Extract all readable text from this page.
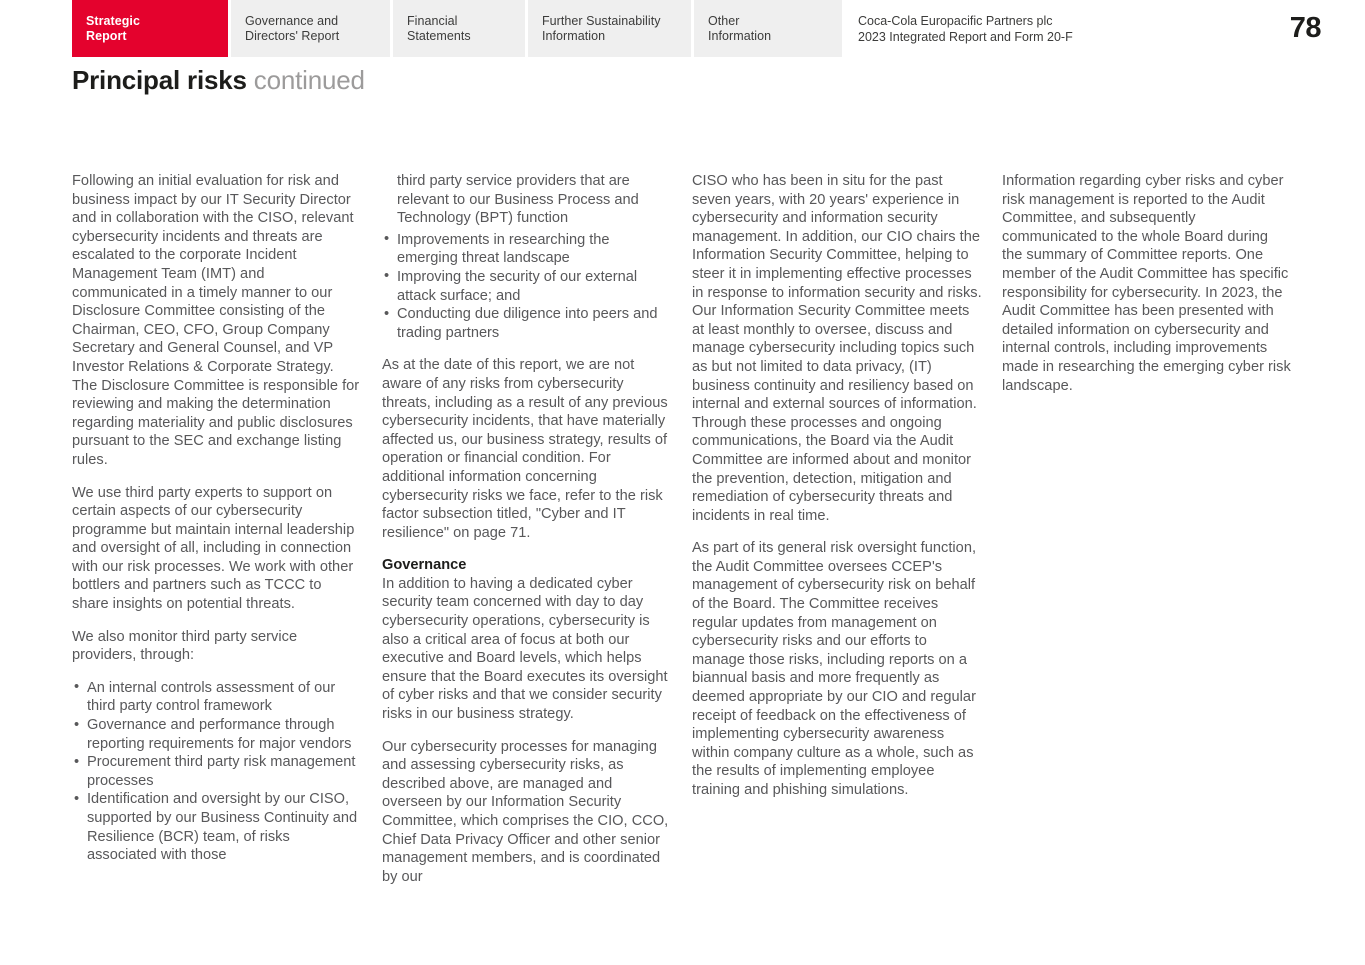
Strategic
Report
Governance and
Directors' Report
Financial
Statements
Further Sustainability
Information
Other
Information
Coca-Cola Europacific Partners plc
2023 Integrated Report and Form 20-F	78
Principal risks continued

Following an initial evaluation for risk and business impact by our IT Security Director and in collaboration with the CISO, relevant cybersecurity incidents and threats are escalated to the corporate Incident Management Team (IMT) and communicated in a timely manner to our Disclosure Committee consisting of the Chairman, CEO, CFO, Group Company Secretary and General Counsel, and VP Investor Relations & Corporate Strategy. The Disclosure Committee is responsible for reviewing and making the determination regarding materiality and public disclosures pursuant to the SEC and exchange listing rules.

We use third party experts to support on certain aspects of our cybersecurity programme but maintain internal leadership and oversight of all, including in connection with our risk processes. We work with other bottlers and partners such as TCCC to share insights on potential threats.

We also monitor third party service providers, through:

• An internal controls assessment of our third party control framework
• Governance and performance through reporting requirements for major vendors
• Procurement third party risk management processes
• Identification and oversight by our CISO, supported by our Business Continuity and Resilience (BCR) team, of risks associated with those
third party service providers that are relevant to our Business Process and Technology (BPT) function
• Improvements in researching the emerging threat landscape
• Improving the security of our external attack surface; and
• Conducting due diligence into peers and trading partners

As at the date of this report, we are not aware of any risks from cybersecurity threats, including as a result of any previous cybersecurity incidents, that have materially affected us, our business strategy, results of operation or financial condition. For additional information concerning cybersecurity risks we face, refer to the risk factor subsection titled, "Cyber and IT resilience" on page 71.

Governance

In addition to having a dedicated cyber security team concerned with day to day cybersecurity operations, cybersecurity is also a critical area of focus at both our executive and Board levels, which helps ensure that the Board executes its oversight of cyber risks and that we consider security risks in our business strategy.

Our cybersecurity processes for managing and assessing cybersecurity risks, as described above, are managed and overseen by our Information Security Committee, which comprises the CIO, CCO, Chief Data Privacy Officer and other senior management members, and is coordinated by our

CISO who has been in situ for the past seven years, with 20 years' experience in cybersecurity and information security management. In addition, our CIO chairs the Information Security Committee, helping to steer it in implementing effective processes in response to information security and risks. Our Information Security Committee meets at least monthly to oversee, discuss and manage cybersecurity including topics such as but not limited to data privacy, (IT) business continuity and resiliency based on internal and external sources of information. Through these processes and ongoing communications, the Board via the Audit Committee are informed about and monitor the prevention, detection, mitigation and remediation of cybersecurity threats and incidents in real time.

As part of its general risk oversight function, the Audit Committee oversees CCEP's management of cybersecurity risk on behalf of the Board. The Committee receives regular updates from management on cybersecurity risks and our efforts to manage those risks, including reports on a biannual basis and more frequently as deemed appropriate by our CIO and regular receipt of feedback on the effectiveness of implementing cybersecurity awareness within company culture as a whole, such as the results of implementing employee training and phishing simulations.

Information regarding cyber risks and cyber risk management is reported to the Audit Committee, and subsequently communicated to the whole Board during the summary of Committee reports. One member of the Audit Committee has specific responsibility for cybersecurity. In 2023, the Audit Committee has been presented with detailed information on cybersecurity and internal controls, including improvements made in researching the emerging cyber risk landscape.
